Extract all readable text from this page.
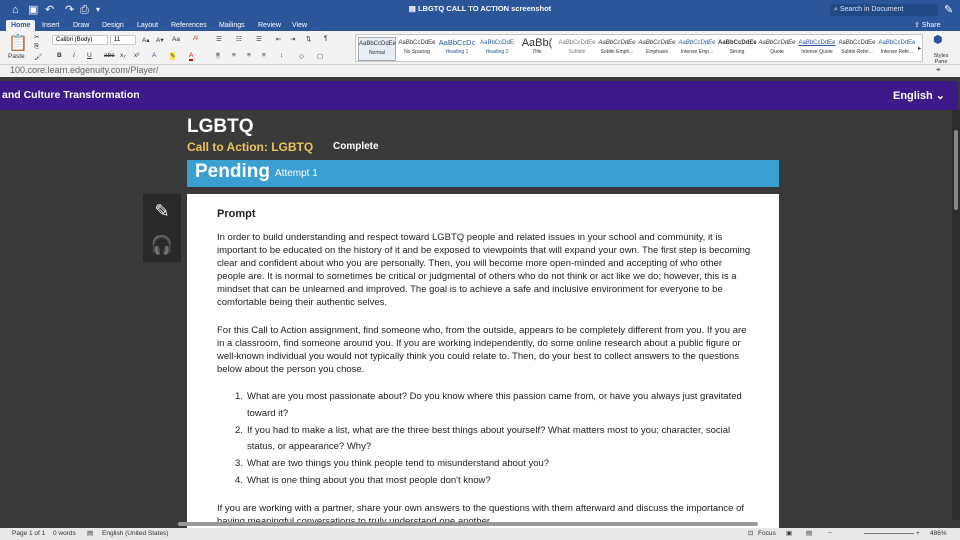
⌂ ▣ ↶ ↷ ⎙ ▾	▤ LBGTQ CALL TO ACTION screenshot	⌕ Search in Document	✎
Home	Insert	Draw	Design	Layout	References	Mailings	Review	View	⇪ Share
📋
Paste
✂
⎘
🖌
Calibri (Body)	11	A▴ A▾ Aa A̸
B I U abc x₂ x² A ✎ A
☰ ☷ ☰ ⇤ ⇥ ⇅ ¶
≡ ≡ ≡ ≡ ↕ ◇ ▢
AaBbCcDdEe
Normal
AaBbCcDdEe
No Spacing
AaBbCcDc
Heading 1
AaBbCcDdE
Heading 2
AaBb(
Title
AaBbCcDdEe
Subtitle
AaBbCcDdEe
Subtle Emph...
AaBbCcDdEe
Emphasis
AaBbCcDdEe
Intense Emp...
AaBbCcDdEe
Strong
AaBbCcDdEe
Quote
AaBbCcDdEe
Intense Quote
AaBbCcDdEe
Subtle Refer...
AaBbCcDdEe
Intense Refe... ▸
⬢
Styles Pane
100.core.learn.edgenuity.com/Player/	⌖
and Culture Transformation	English ⌄
LGBTQ
Call to Action: LGBTQ Complete
Pending Attempt 1
✎
🎧
Prompt
In order to build understanding and respect toward LGBTQ people and related issues in your school and community, it is important to be educated on the history of it and be exposed to viewpoints that will expand your own. The first step is becoming clear and confident about who you are personally. Then, you will become more open-minded and accepting of who other people are. It is normal to sometimes be critical or judgmental of others who do not think or act like we do; however, this is a mindset that can be unlearned and improved. The goal is to achieve a safe and inclusive environment for everyone to be comfortable being their authentic selves.
For this Call to Action assignment, find someone who, from the outside, appears to be completely different from you. If you are in a classroom, find someone around you. If you are working independently, do some online research about a public figure or well-known individual you would not typically think you could relate to. Then, do your best to collect answers to the questions below about the person you chose.
1. What are you most passionate about? Do you know where this passion came from, or have you always just gravitated toward it?
2. If you had to make a list, what are the three best things about yourself? What matters most to you: character, social status, or appearance? Why?
3. What are two things you think people tend to misunderstand about you?
4. What is one thing about you that most people don't know?
If you are working with a partner, share your own answers to the questions with them afterward and discuss the importance of
Page 1 of 1 0 words ▤ English (United States)	⊡ Focus ▣ ▤ −	+ 486%
